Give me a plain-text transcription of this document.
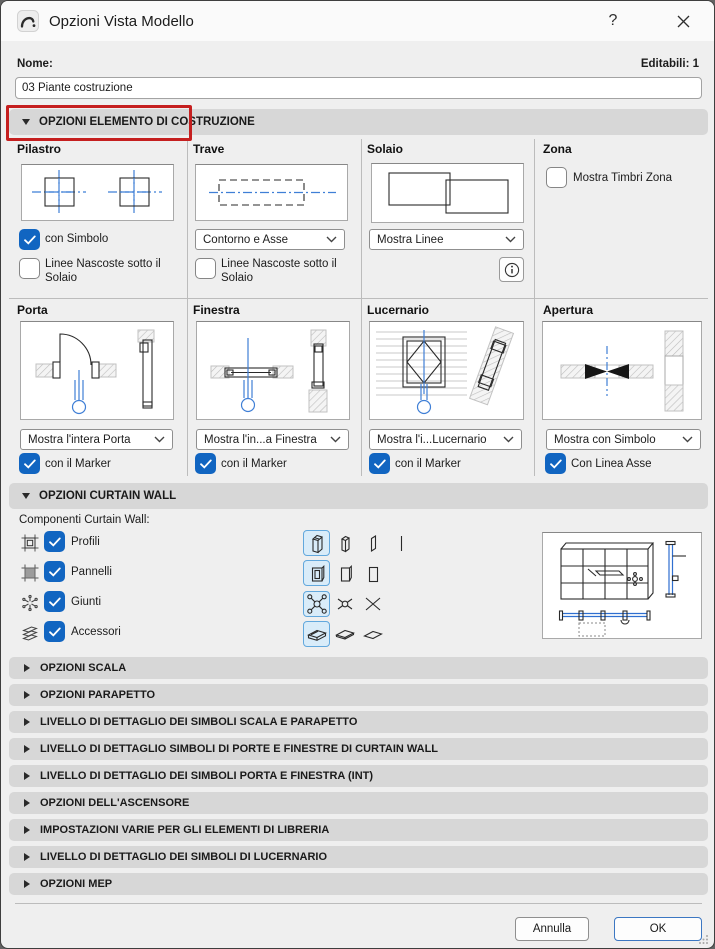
Opzioni Vista Modello	?
Nome:	Editabili: 1
03 Piante costruzione
OPZIONI ELEMENTO DI COSTRUZIONE
Pilastro
con Simbolo
Linee Nascoste sotto il Solaio
Trave
Contorno e Asse
Linee Nascoste sotto il Solaio
Solaio
Mostra Linee
Zona
Mostra Timbri Zona
Porta
Mostra l'intera Porta
con il Marker
Finestra
Mostra l'in...a Finestra
con il Marker
Lucernario
Mostra l'i...Lucernario
con il Marker
Apertura
Mostra con Simbolo
Con Linea Asse
OPZIONI CURTAIN WALL
Componenti Curtain Wall:
Profili
Pannelli
Giunti
Accessori
OPZIONI SCALA
OPZIONI PARAPETTO
LIVELLO DI DETTAGLIO DEI SIMBOLI SCALA E PARAPETTO
LIVELLO DI DETTAGLIO SIMBOLI DI PORTE E FINESTRE DI CURTAIN WALL
LIVELLO DI DETTAGLIO DEI SIMBOLI PORTA E FINESTRA (INT)
OPZIONI DELL'ASCENSORE
IMPOSTAZIONI VARIE PER GLI ELEMENTI DI LIBRERIA
LIVELLO DI DETTAGLIO DEI SIMBOLI DI LUCERNARIO
OPZIONI MEP
Annulla	OK
